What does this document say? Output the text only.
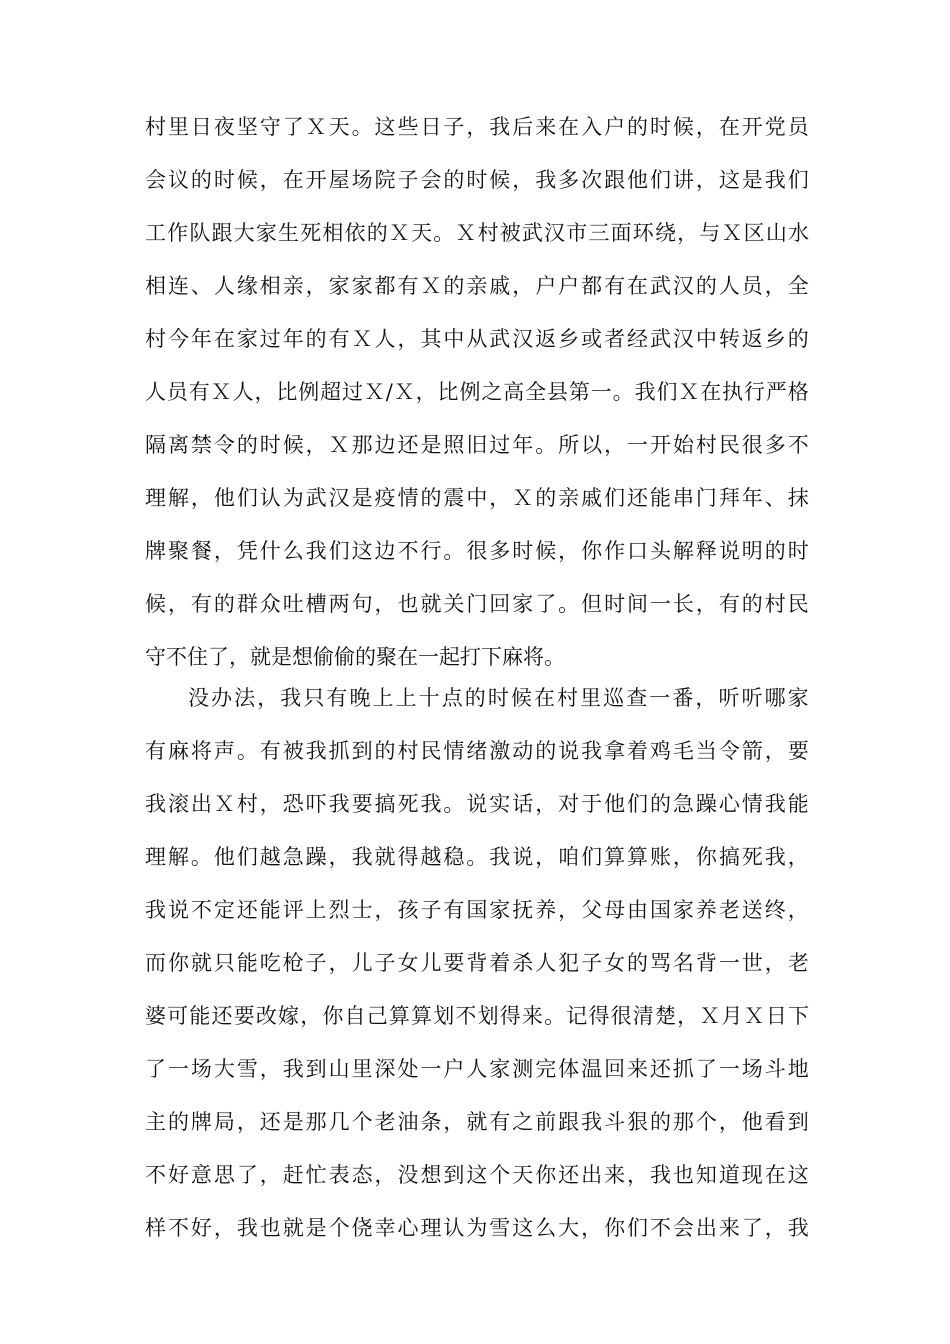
村 里 日 夜 坚 守 了 Ｘ 天 。 这 些 日 子 ， 我 后 来 在 入 户 的 时 候 ， 在 开 党 员
会 议 的 时 候 ， 在 开 屋 场 院 子 会 的 时 候 ， 我 多 次 跟 他 们 讲 ， 这 是 我 们
工 作 队 跟 大 家 生 死 相 依 的 Ｘ 天 。 Ｘ 村 被 武 汉 市 三 面 环 绕 ， 与 Ｘ 区 山 水
相 连 、 人 缘 相 亲 ， 家 家 都 有 Ｘ 的 亲 戚 ， 户 户 都 有 在 武 汉 的 人 员 ， 全
村 今 年 在 家 过 年 的 有 Ｘ 人 ， 其 中 从 武 汉 返 乡 或 者 经 武 汉 中 转 返 乡 的
人 员 有 Ｘ 人 ， 比 例 超 过 Ｘ / Ｘ ， 比 例 之 高 全 县 第 一 。 我 们 Ｘ 在 执 行 严 格
隔 离 禁 令 的 时 候 ， Ｘ 那 边 还 是 照 旧 过 年 。 所 以 ， 一 开 始 村 民 很 多 不
理 解 ， 他 们 认 为 武 汉 是 疫 情 的 震 中 ， Ｘ 的 亲 戚 们 还 能 串 门 拜 年 、 抹
牌 聚 餐 ， 凭 什 么 我 们 这 边 不 行 。 很 多 时 候 ， 你 作 口 头 解 释 说 明 的 时
候 ， 有 的 群 众 吐 槽 两 句 ， 也 就 关 门 回 家 了 。 但 时 间 一 长 ， 有 的 村 民
守不住了，就是想偷偷的聚在一起打下麻将。
没 办 法 ， 我 只 有 晚 上 上 十 点 的 时 候 在 村 里 巡 查 一 番 ， 听 听 哪 家
有 麻 将 声 。 有 被 我 抓 到 的 村 民 情 绪 激 动 的 说 我 拿 着 鸡 毛 当 令 箭 ， 要
我 滚 出 Ｘ 村 ， 恐 吓 我 要 搞 死 我 。 说 实 话 ， 对 于 他 们 的 急 躁 心 情 我 能
理 解 。 他 们 越 急 躁 ， 我 就 得 越 稳 。 我 说 ， 咱 们 算 算 账 ， 你 搞 死 我 ，
我 说 不 定 还 能 评 上 烈 士 ， 孩 子 有 国 家 抚 养 ， 父 母 由 国 家 养 老 送 终 ，
而 你 就 只 能 吃 枪 子 ， 儿 子 女 儿 要 背 着 杀 人 犯 子 女 的 骂 名 背 一 世 ， 老
婆 可 能 还 要 改 嫁 ， 你 自 己 算 算 划 不 划 得 来 。 记 得 很 清 楚 ， Ｘ 月 Ｘ 日 下
了 一 场 大 雪 ， 我 到 山 里 深 处 一 户 人 家 测 完 体 温 回 来 还 抓 了 一 场 斗 地
主 的 牌 局 ， 还 是 那 几 个 老 油 条 ， 就 有 之 前 跟 我 斗 狠 的 那 个 ， 他 看 到
不 好 意 思 了 ， 赶 忙 表 态 ， 没 想 到 这 个 天 你 还 出 来 ， 我 也 知 道 现 在 这
样 不 好 ， 我 也 就 是 个 侥 幸 心 理 认 为 雪 这 么 大 ， 你 们 不 会 出 来 了 ， 我
